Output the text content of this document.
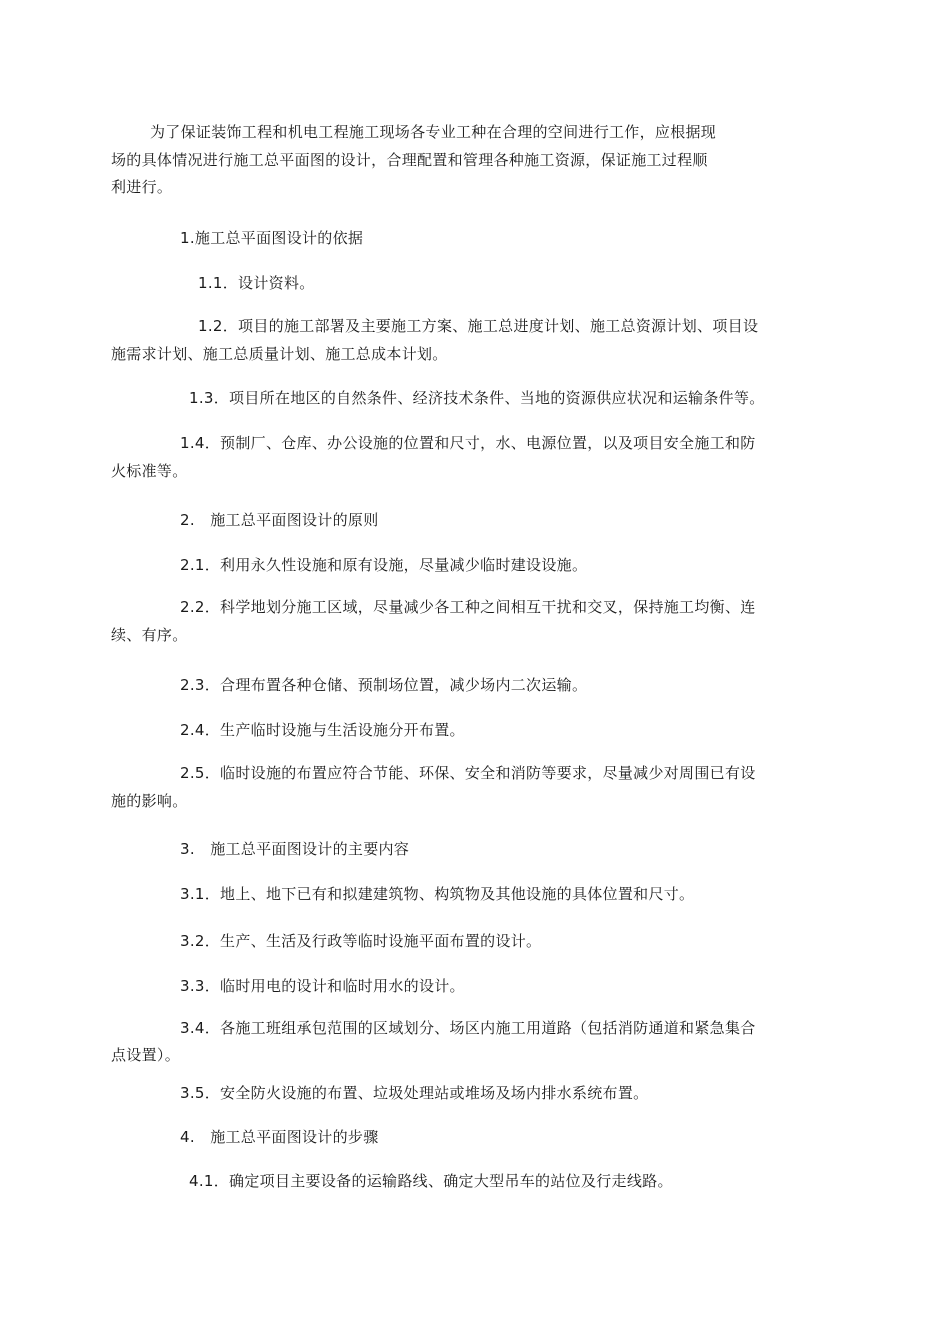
为了保证装饰工程和机电工程施工现场各专业工种在合理的空间进行工作，应根据现
场的具体情况进行施工总平面图的设计，合理配置和管理各种施工资源，保证施工过程顺
利进行。
1.施工总平面图设计的依据
1.1．设计资料。
1.2．项目的施工部署及主要施工方案、施工总进度计划、施工总资源计划、项目设
施需求计划、施工总质量计划、施工总成本计划。
1.3．项目所在地区的自然条件、经济技术条件、当地的资源供应状况和运输条件等。
1.4．预制厂、仓库、办公设施的位置和尺寸，水、电源位置，以及项目安全施工和防
火标准等。
2.　施工总平面图设计的原则
2.1．利用永久性设施和原有设施，尽量减少临时建设设施。
2.2．科学地划分施工区域，尽量减少各工种之间相互干扰和交叉，保持施工均衡、连
续、有序。
2.3．合理布置各种仓储、预制场位置，减少场内二次运输。
2.4．生产临时设施与生活设施分开布置。
2.5．临时设施的布置应符合节能、环保、安全和消防等要求，尽量减少对周围已有设
施的影响。
3.　施工总平面图设计的主要内容
3.1．地上、地下已有和拟建建筑物、构筑物及其他设施的具体位置和尺寸。
3.2．生产、生活及行政等临时设施平面布置的设计。
3.3．临时用电的设计和临时用水的设计。
3.4．各施工班组承包范围的区域划分、场区内施工用道路（包括消防通道和紧急集合
点设置）。
3.5．安全防火设施的布置、垃圾处理站或堆场及场内排水系统布置。
4.　施工总平面图设计的步骤
4.1．确定项目主要设备的运输路线、确定大型吊车的站位及行走线路。
